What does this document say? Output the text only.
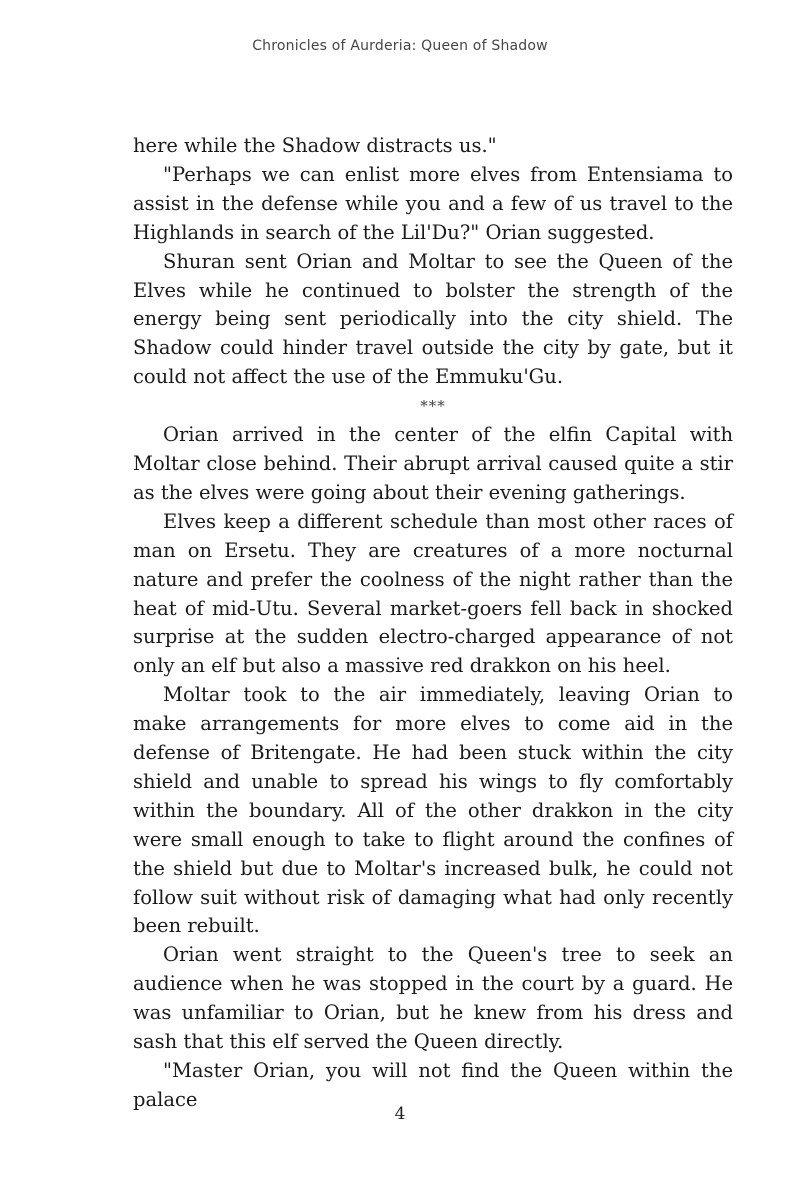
Chronicles of Aurderia: Queen of Shadow

here while the Shadow distracts us."

"Perhaps we can enlist more elves from Entensiama to assist in the defense while you and a few of us travel to the Highlands in search of the Lil'Du?" Orian suggested.

Shuran sent Orian and Moltar to see the Queen of the Elves while he continued to bolster the strength of the energy being sent periodically into the city shield. The Shadow could hinder travel outside the city by gate, but it could not affect the use of the Emmuku'Gu.

***

Orian arrived in the center of the elfin Capital with Moltar close behind. Their abrupt arrival caused quite a stir as the elves were going about their evening gatherings.

Elves keep a different schedule than most other races of man on Ersetu. They are creatures of a more nocturnal nature and prefer the coolness of the night rather than the heat of mid-Utu. Several market-goers fell back in shocked surprise at the sudden electro-charged appearance of not only an elf but also a massive red drakkon on his heel.

Moltar took to the air immediately, leaving Orian to make arrangements for more elves to come aid in the defense of Britengate. He had been stuck within the city shield and unable to spread his wings to fly comfortably within the boundary. All of the other drakkon in the city were small enough to take to flight around the confines of the shield but due to Moltar's increased bulk, he could not follow suit without risk of damaging what had only recently been rebuilt.

Orian went straight to the Queen's tree to seek an audience when he was stopped in the court by a guard. He was unfamiliar to Orian, but he knew from his dress and sash that this elf served the Queen directly.

"Master Orian, you will not find the Queen within the palace

4
